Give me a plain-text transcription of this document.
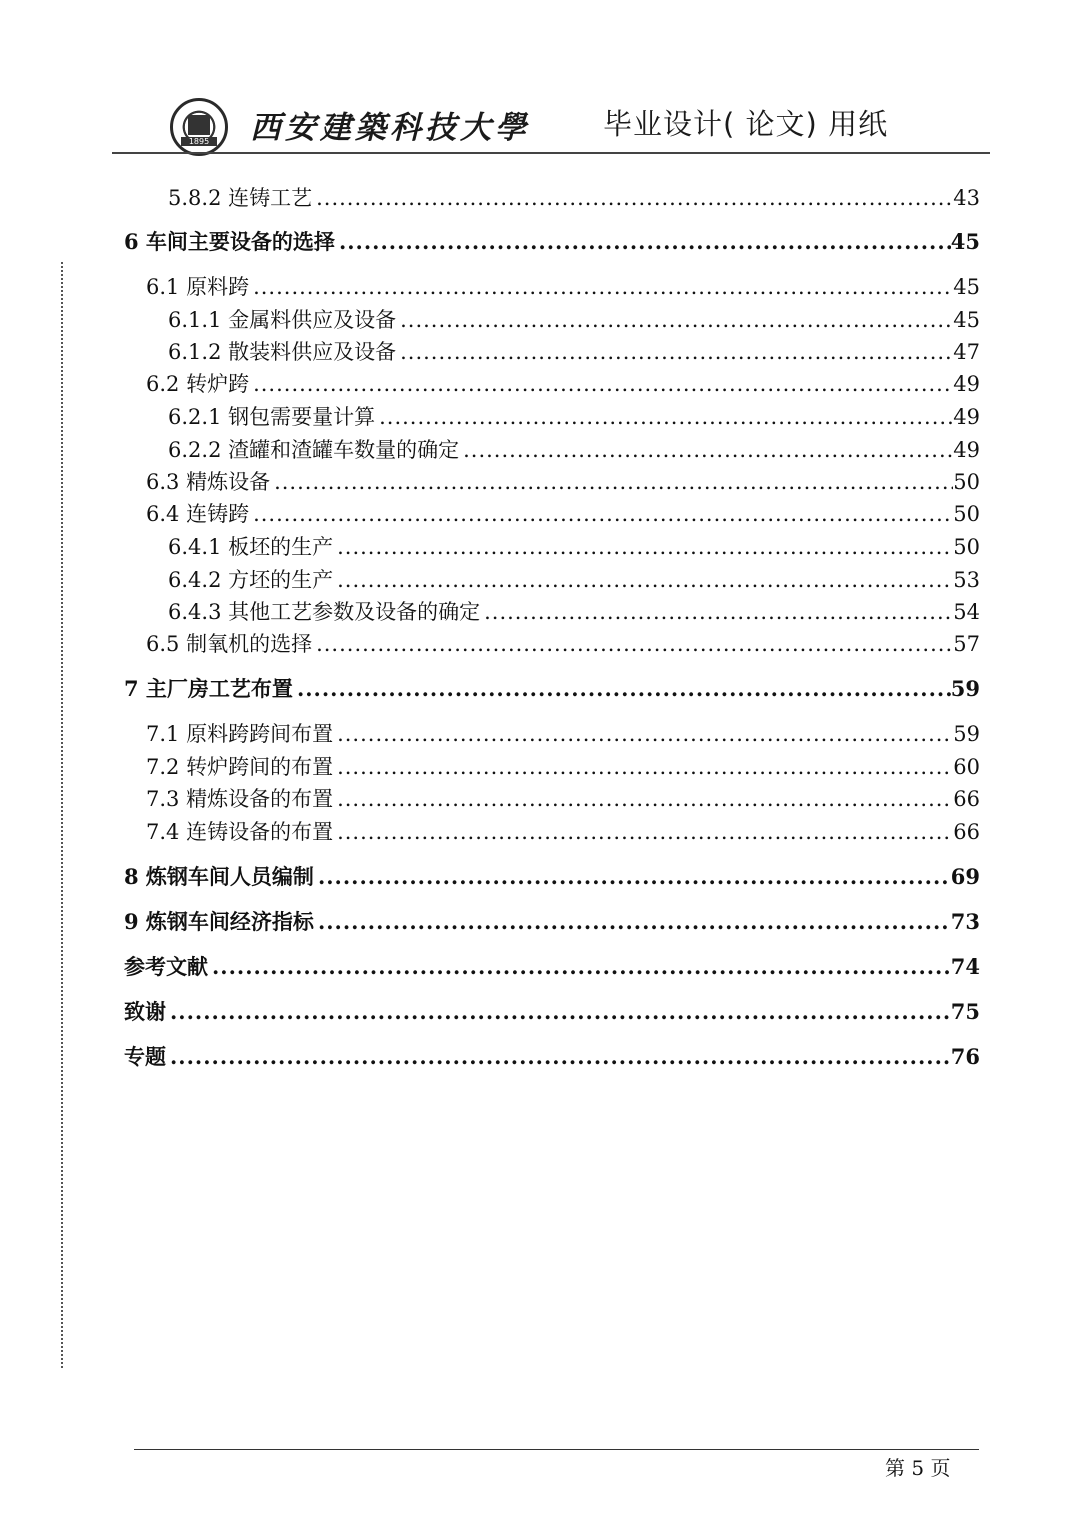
1895 西安建築科技大學	毕业设计( 论文) 用纸
5.8.2 连铸工艺 .....	43
6 车间主要设备的选择 .....	45
6.1 原料跨 .....	45
6.1.1 金属料供应及设备 .....	45
6.1.2 散装料供应及设备 .....	47
6.2 转炉跨 .....	49
6.2.1 钢包需要量计算 .....	49
6.2.2 渣罐和渣罐车数量的确定 .....	49
6.3 精炼设备 .....	50
6.4 连铸跨 .....	50
6.4.1 板坯的生产 .....	50
6.4.2 方坯的生产 .....	53
6.4.3 其他工艺参数及设备的确定 .....	54
6.5 制氧机的选择 .....	57
7 主厂房工艺布置 .....	59
7.1 原料跨跨间布置 .....	59
7.2 转炉跨间的布置 .....	60
7.3 精炼设备的布置 .....	66
7.4 连铸设备的布置 .....	66
8 炼钢车间人员编制 .....	69
9 炼钢车间经济指标 .....	73
参考文献 .....	74
致谢 .....	75
专题 .....	76
第 5 页
